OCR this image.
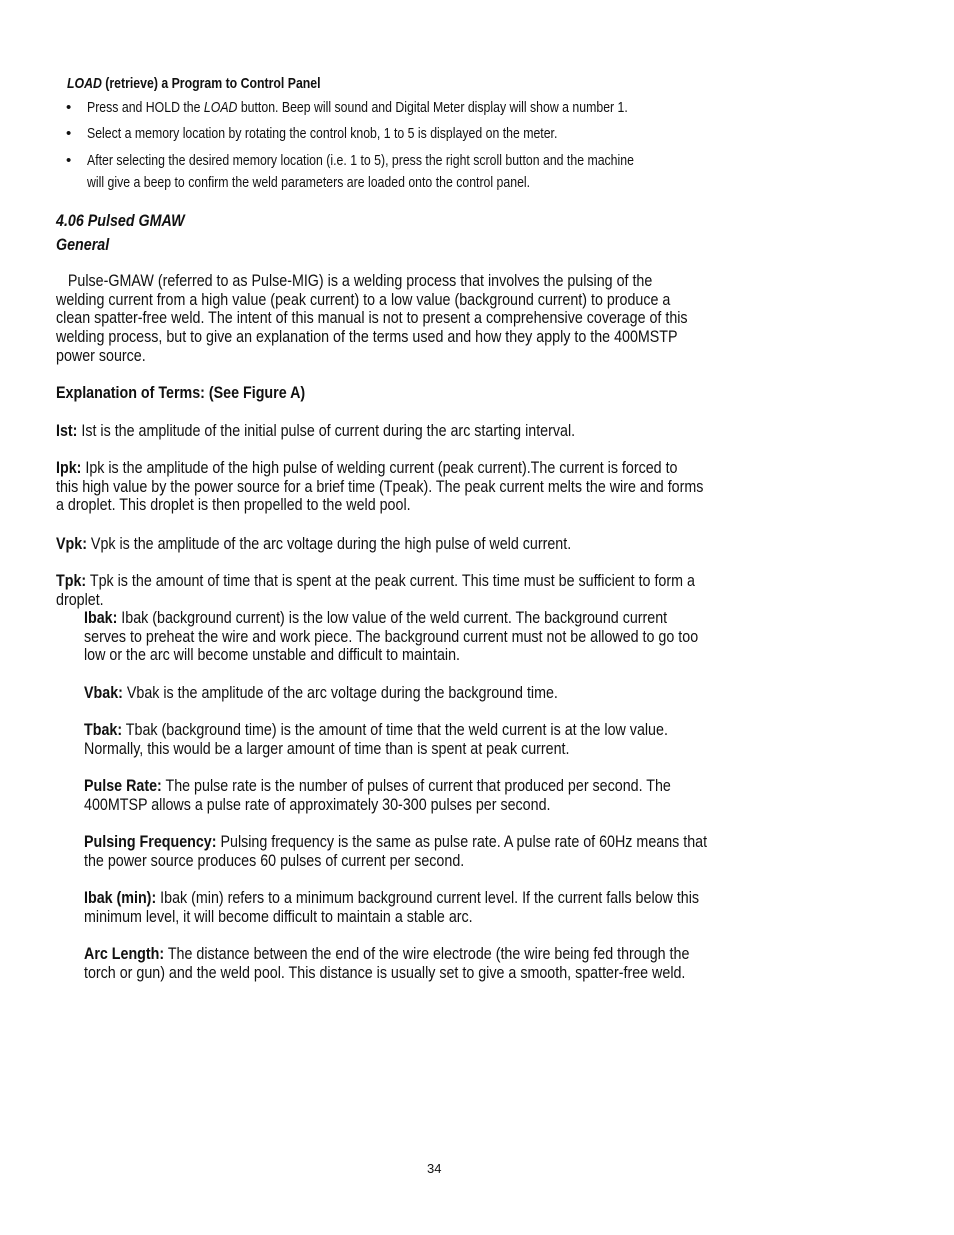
LOAD (retrieve) a Program to Control Panel
• Press and HOLD the LOAD button. Beep will sound and Digital Meter display will show a number 1.
• Select a memory location by rotating the control knob, 1 to 5 is displayed on the meter.
• After selecting the desired memory location (i.e. 1 to 5), press the right scroll button and the machine
will give a beep to confirm the weld parameters are loaded onto the control panel.
4.06 Pulsed GMAW
General
Pulse-GMAW (referred to as Pulse-MIG) is a welding process that involves the pulsing of the
welding current from a high value (peak current) to a low value (background current) to produce a
clean spatter-free weld. The intent of this manual is not to present a comprehensive coverage of this
welding process, but to give an explanation of the terms used and how they apply to the 400MSTP
power source.
Explanation of Terms: (See Figure A)
Ist: Ist is the amplitude of the initial pulse of current during the arc starting interval.
Ipk: Ipk is the amplitude of the high pulse of welding current (peak current).The current is forced to
this high value by the power source for a brief time (Tpeak). The peak current melts the wire and forms
a droplet. This droplet is then propelled to the weld pool.
Vpk: Vpk is the amplitude of the arc voltage during the high pulse of weld current.
Tpk: Tpk is the amount of time that is spent at the peak current. This time must be sufficient to form a
droplet.
Ibak: Ibak (background current) is the low value of the weld current. The background current
serves to preheat the wire and work piece. The background current must not be allowed to go too
low or the arc will become unstable and difficult to maintain.
Vbak: Vbak is the amplitude of the arc voltage during the background time.
Tbak: Tbak (background time) is the amount of time that the weld current is at the low value.
Normally, this would be a larger amount of time than is spent at peak current.
Pulse Rate: The pulse rate is the number of pulses of current that produced per second. The
400MTSP allows a pulse rate of approximately 30-300 pulses per second.
Pulsing Frequency: Pulsing frequency is the same as pulse rate. A pulse rate of 60Hz means that
the power source produces 60 pulses of current per second.
Ibak (min): Ibak (min) refers to a minimum background current level. If the current falls below this
minimum level, it will become difficult to maintain a stable arc.
Arc Length: The distance between the end of the wire electrode (the wire being fed through the
torch or gun) and the weld pool. This distance is usually set to give a smooth, spatter-free weld.
34
